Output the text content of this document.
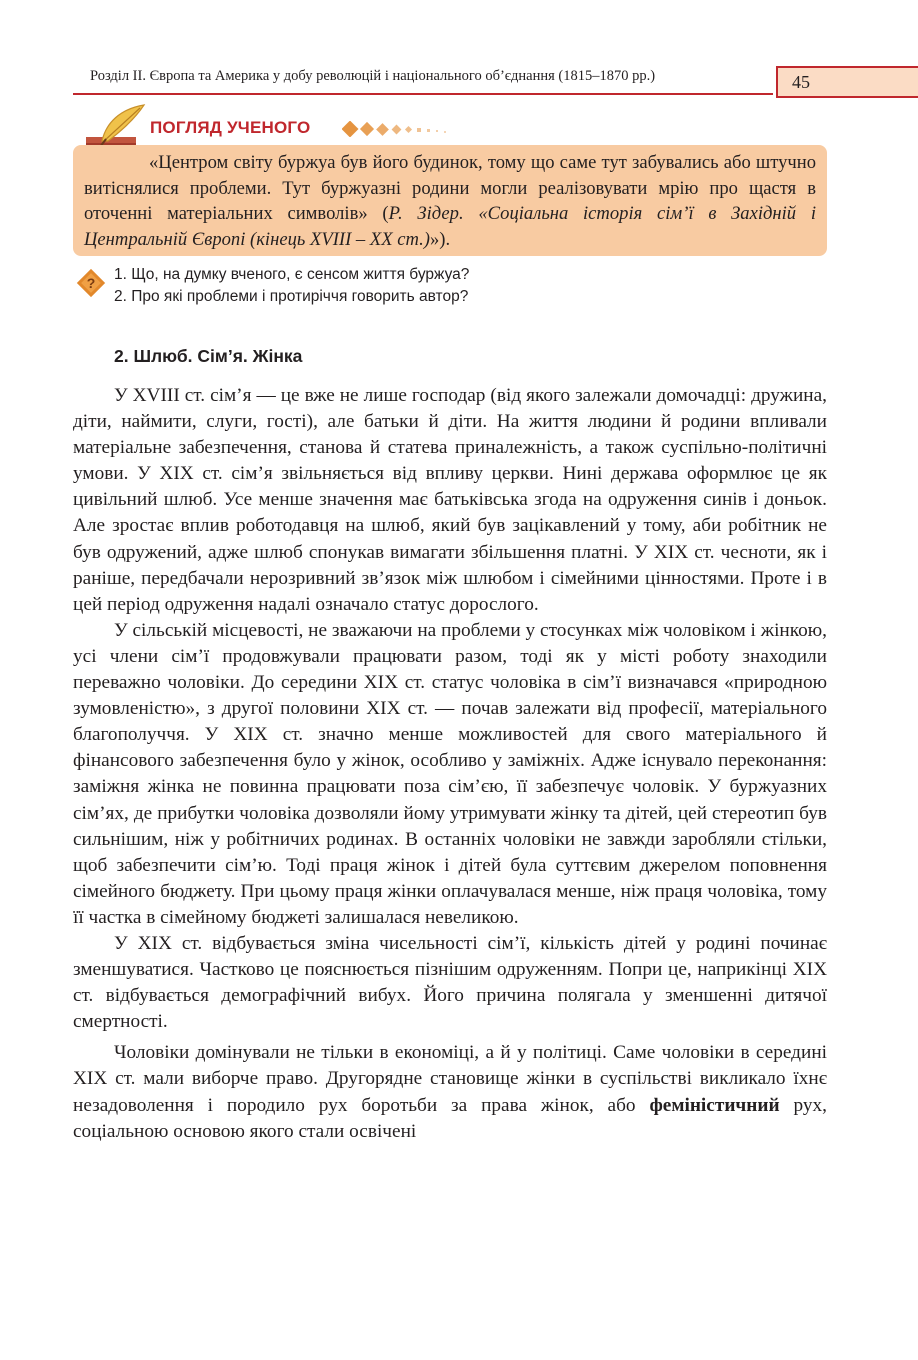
Розділ ІІ. Європа та Америка у добу революцій і національного об’єднання (1815–1870 рр.)	45
ПОГЛЯД УЧЕНОГО
«Центром світу буржуа був його будинок, тому що саме тут забувались або штучно витіснялися проблеми. Тут буржуазні родини могли реалізовувати мрію про щастя в оточенні матеріальних символів» (Р. Зідер. «Соціальна історія сім’ї в Західній і Центральній Європі (кінець XVIII – XX ст.)»).
? 1. Що, на думку вченого, є сенсом життя буржуа?
2. Про які проблеми і протиріччя говорить автор?
2. Шлюб. Сім’я. Жінка

У XVIII ст. сім’я — це вже не лише господар (від якого залежали домочадці: дружина, діти, наймити, слуги, гості), але батьки й діти. На життя людини й родини впливали матеріальне забезпечення, станова й статева приналежність, а також суспільно-політичні умови. У XIX ст. сім’я звільняється від впливу церкви. Нині держава оформлює це як цивільний шлюб. Усе менше значення має батьківська згода на одруження синів і доньок. Але зростає вплив роботодавця на шлюб, який був зацікавлений у тому, аби робітник не був одружений, адже шлюб спонукав вимагати збільшення платні. У XIX ст. чесноти, як і раніше, передбачали нерозривний зв’язок між шлюбом і сімейними цінностями. Проте і в цей період одруження надалі означало статус дорослого.

У сільській місцевості, не зважаючи на проблеми у стосунках між чоловіком і жінкою, усі члени сім’ї продовжували працювати разом, тоді як у місті роботу знаходили переважно чоловіки. До середини XIX ст. статус чоловіка в сім’ї визначався «природною зумовленістю», з другої половини XIX ст. — почав залежати від професії, матеріального благополуччя. У XIX ст. значно менше можливостей для свого матеріального й фінансового забезпечення було у жінок, особливо у заміжніх. Адже існувало переконання: заміжня жінка не повинна працювати поза сім’єю, її забезпечує чоловік. У буржуазних сім’ях, де прибутки чоловіка дозволяли йому утримувати жінку та дітей, цей стереотип був сильнішим, ніж у робітничих родинах. В останніх чоловіки не завжди заробляли стільки, щоб забезпечити сім’ю. Тоді праця жінок і дітей була суттєвим джерелом поповнення сімейного бюджету. При цьому праця жінки оплачувалася менше, ніж праця чоловіка, тому її частка в сімейному бюджеті залишалася невеликою.

У XIX ст. відбувається зміна чисельності сім’ї, кількість дітей у родині починає зменшуватися. Частково це пояснюється пізнішим одруженням. Попри це, наприкінці XIX ст. відбувається демографічний вибух. Його причина полягала у зменшенні дитячої смертності.

Чоловіки домінували не тільки в економіці, а й у політиці. Саме чоловіки в середині XIX ст. мали виборче право. Другорядне становище жінки в суспільстві викликало їхнє незадоволення і породило рух боротьби за права жінок, або феміністичний рух, соціальною основою якого стали освічені
